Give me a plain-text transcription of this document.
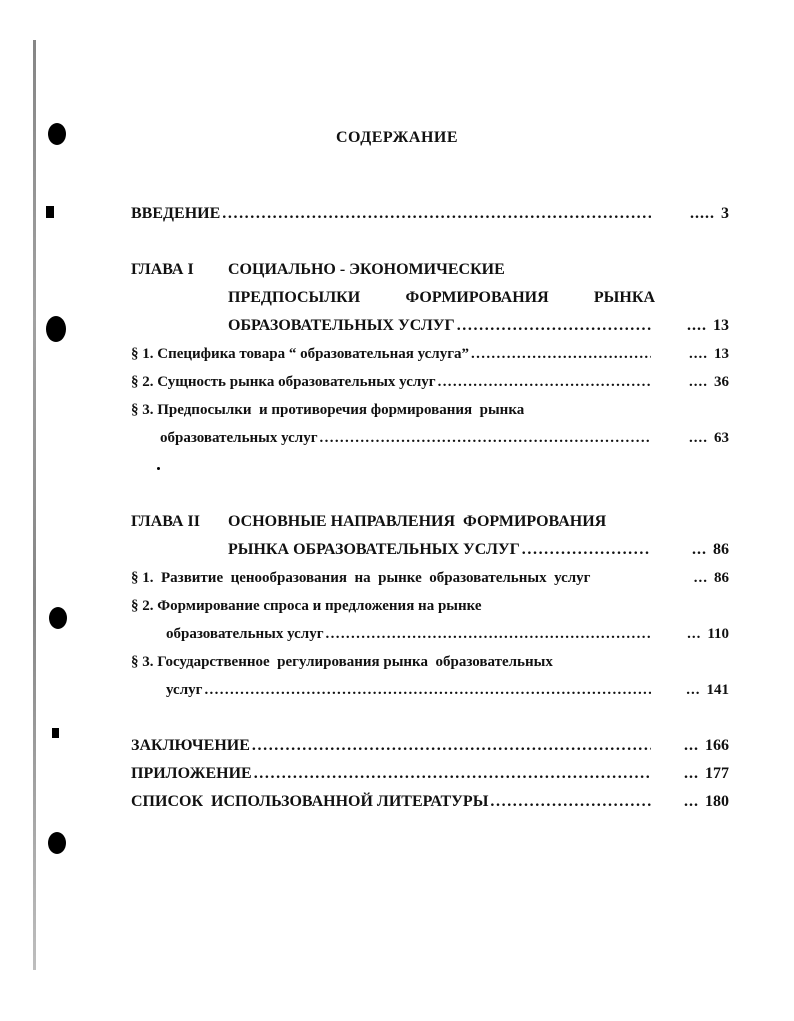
СОДЕРЖАНИЕ
ВВЕДЕНИЕ . . .	..... 3
ГЛАВА I СОЦИАЛЬНО - ЭКОНОМИЧЕСКИЕ
ПРЕДПОСЫЛКИ	ФОРМИРОВАНИЯ	РЫНКА
ОБРАЗОВАТЕЛЬНЫХ УСЛУГ . . .	.... 13
§ 1. Специфика товара “ образовательная услуга” . . .	.... 13
§ 2. Сущность рынка образовательных услуг . . .	.... 36
§ 3. Предпосылки  и противоречия формирования  рынка
образовательных услуг . . .	.... 63
ГЛАВА II ОСНОВНЫЕ НАПРАВЛЕНИЯ  ФОРМИРОВАНИЯ
РЫНКА ОБРАЗОВАТЕЛЬНЫХ УСЛУГ . . .	... 86
§ 1.  Развитие  ценообразования  на  рынке  образовательных  услуг	... 86
§ 2. Формирование спроса и предложения на рынке
образовательных услуг . . .	... 110
§ 3. Государственное  регулирования рынка  образовательных
услуг . . .	... 141
ЗАКЛЮЧЕНИЕ . . .	... 166
ПРИЛОЖЕНИЕ . . .	... 177
СПИСОК  ИСПОЛЬЗОВАННОЙ ЛИТЕРАТУРЫ . . .	... 180
